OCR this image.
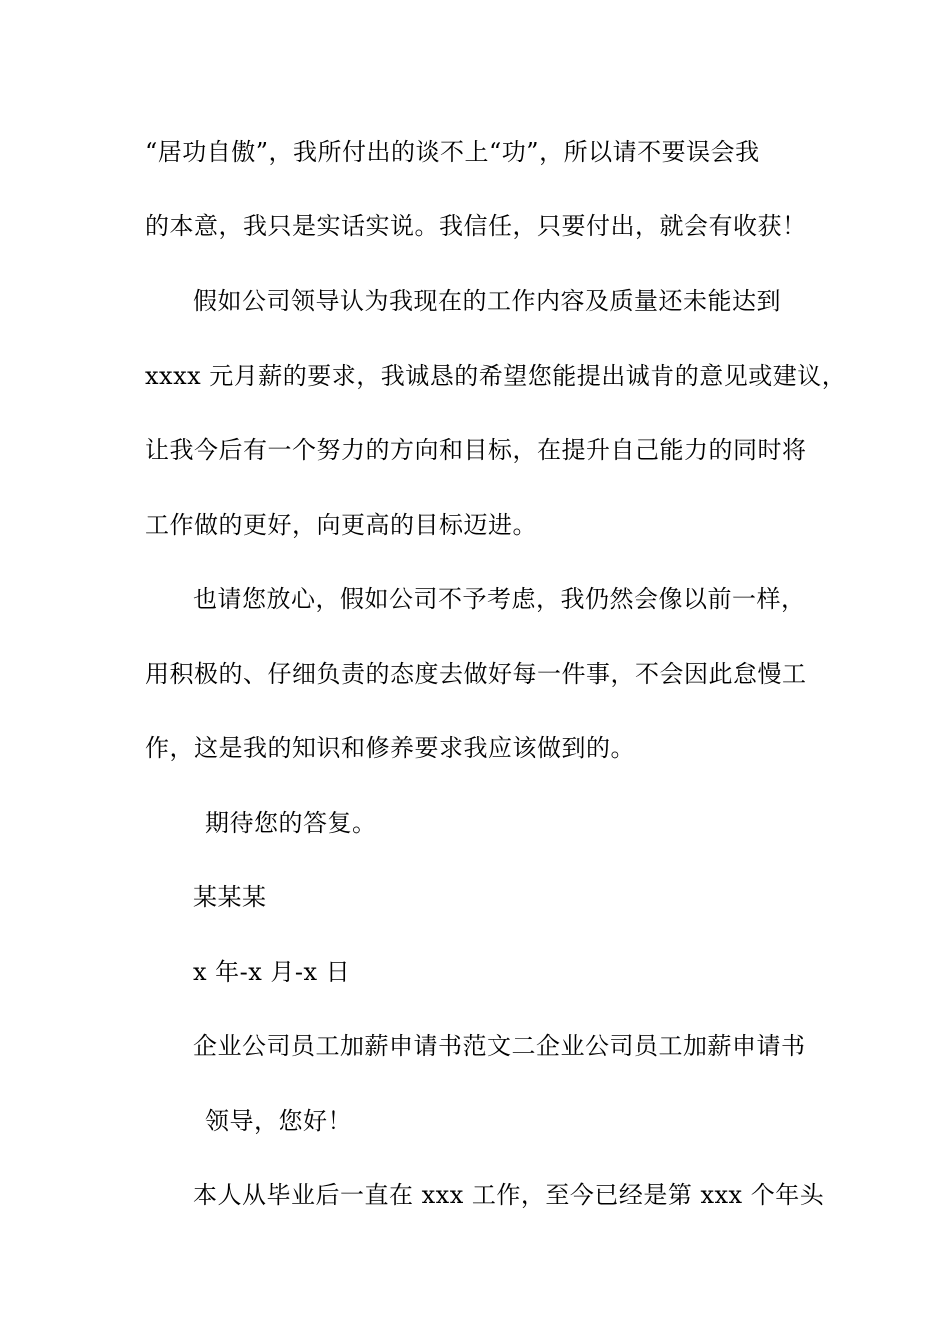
“居功自傲”，我所付出的谈不上“功”，所以请不要误会我
的本意，我只是实话实说。我信任，只要付出，就会有收获！
假如公司领导认为我现在的工作内容及质量还未能达到
xxxx 元月薪的要求，我诚恳的希望您能提出诚肯的意见或建议，
让我今后有一个努力的方向和目标，在提升自己能力的同时将
工作做的更好，向更高的目标迈进。
也请您放心，假如公司不予考虑，我仍然会像以前一样，
用积极的、仔细负责的态度去做好每一件事，不会因此怠慢工
作，这是我的知识和修养要求我应该做到的。
期待您的答复。
某某某
x 年-x 月-x 日
企业公司员工加薪申请书范文二企业公司员工加薪申请书
领导，您好！
本人从毕业后一直在 xxx 工作，至今已经是第 xxx 个年头
